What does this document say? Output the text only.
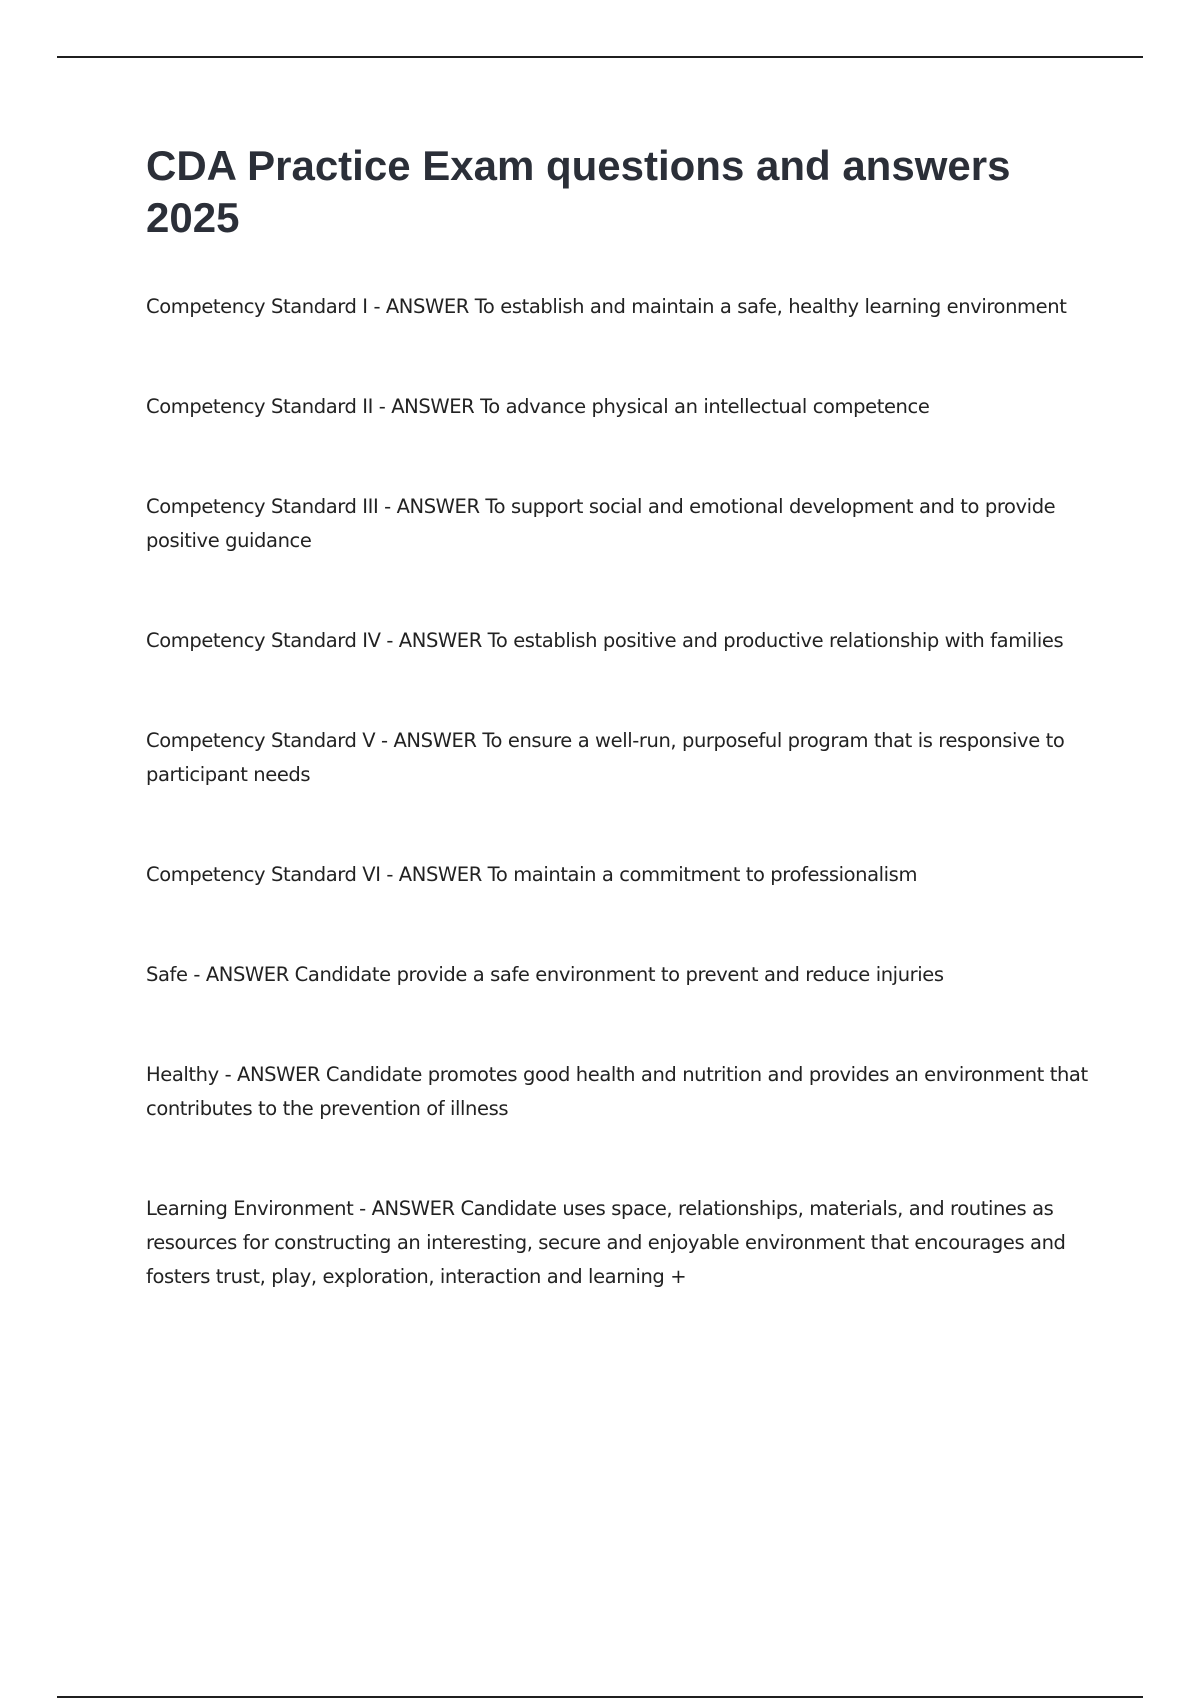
CDA Practice Exam questions and answers 2025

Competency Standard I - ANSWER To establish and maintain a safe, healthy learning environment

Competency Standard II - ANSWER To advance physical an intellectual competence

Competency Standard III - ANSWER To support social and emotional development and to provide positive guidance

Competency Standard IV - ANSWER To establish positive and productive relationship with families

Competency Standard V - ANSWER To ensure a well-run, purposeful program that is responsive to participant needs

Competency Standard VI - ANSWER To maintain a commitment to professionalism

Safe - ANSWER Candidate provide a safe environment to prevent and reduce injuries

Healthy - ANSWER Candidate promotes good health and nutrition and provides an environment that contributes to the prevention of illness

Learning Environment - ANSWER Candidate uses space, relationships, materials, and routines as resources for constructing an interesting, secure and enjoyable environment that encourages and fosters trust, play, exploration, interaction and learning +
